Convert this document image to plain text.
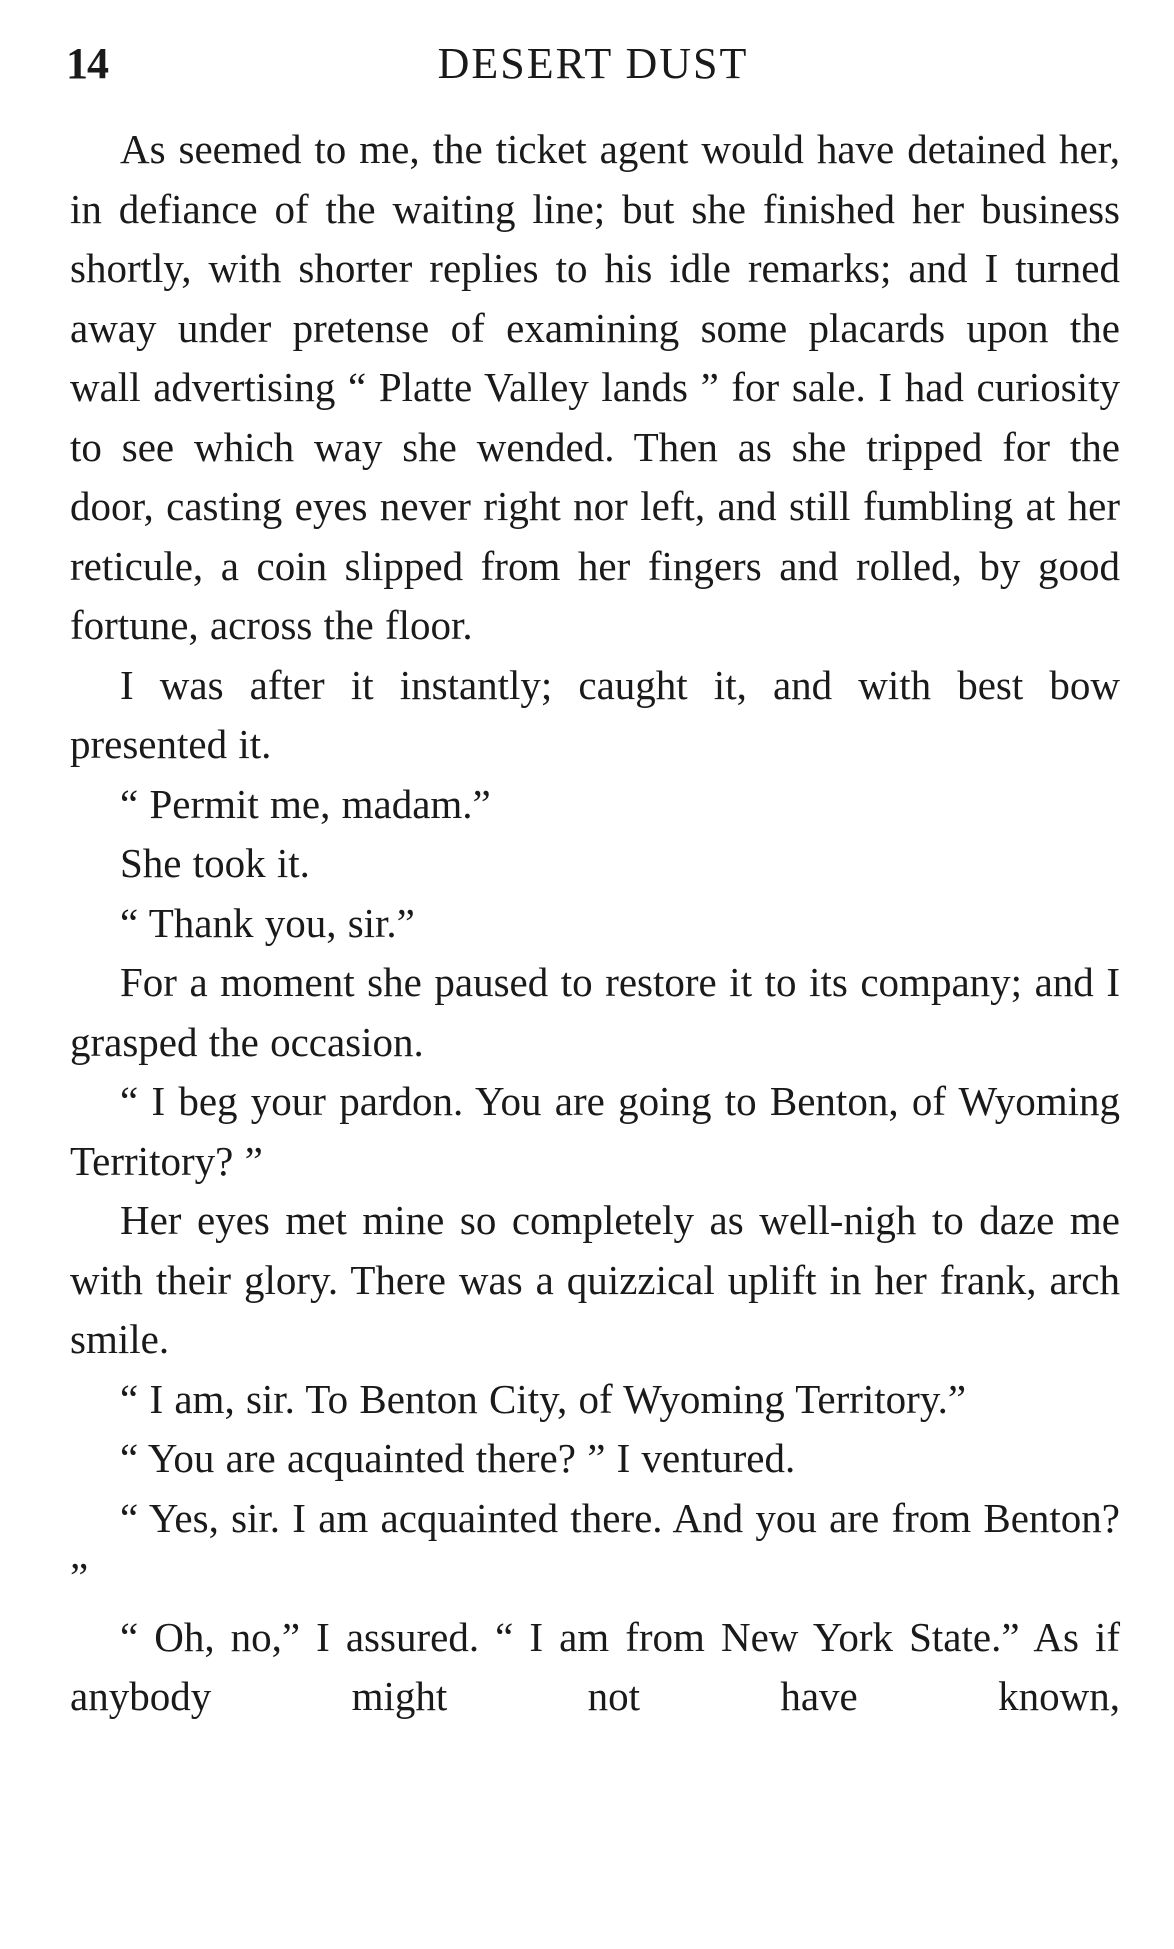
14	DESERT DUST

As seemed to me, the ticket agent would have detained her, in defiance of the waiting line; but she finished her business shortly, with shorter replies to his idle remarks; and I turned away under pretense of examining some placards upon the wall advertising “ Platte Valley lands ” for sale. I had curiosity to see which way she wended. Then as she tripped for the door, casting eyes never right nor left, and still fumbling at her reticule, a coin slipped from her fingers and rolled, by good fortune, across the floor.

I was after it instantly; caught it, and with best bow presented it.

“ Permit me, madam.”

She took it.

“ Thank you, sir.”

For a moment she paused to restore it to its company; and I grasped the occasion.

“ I beg your pardon. You are going to Benton, of Wyoming Territory? ”

Her eyes met mine so completely as well-nigh to daze me with their glory. There was a quizzical uplift in her frank, arch smile.

“ I am, sir. To Benton City, of Wyoming Territory.”

“ You are acquainted there? ” I ventured.

“ Yes, sir. I am acquainted there. And you are from Benton? ”

“ Oh, no,” I assured. “ I am from New York State.” As if anybody might not have known,
